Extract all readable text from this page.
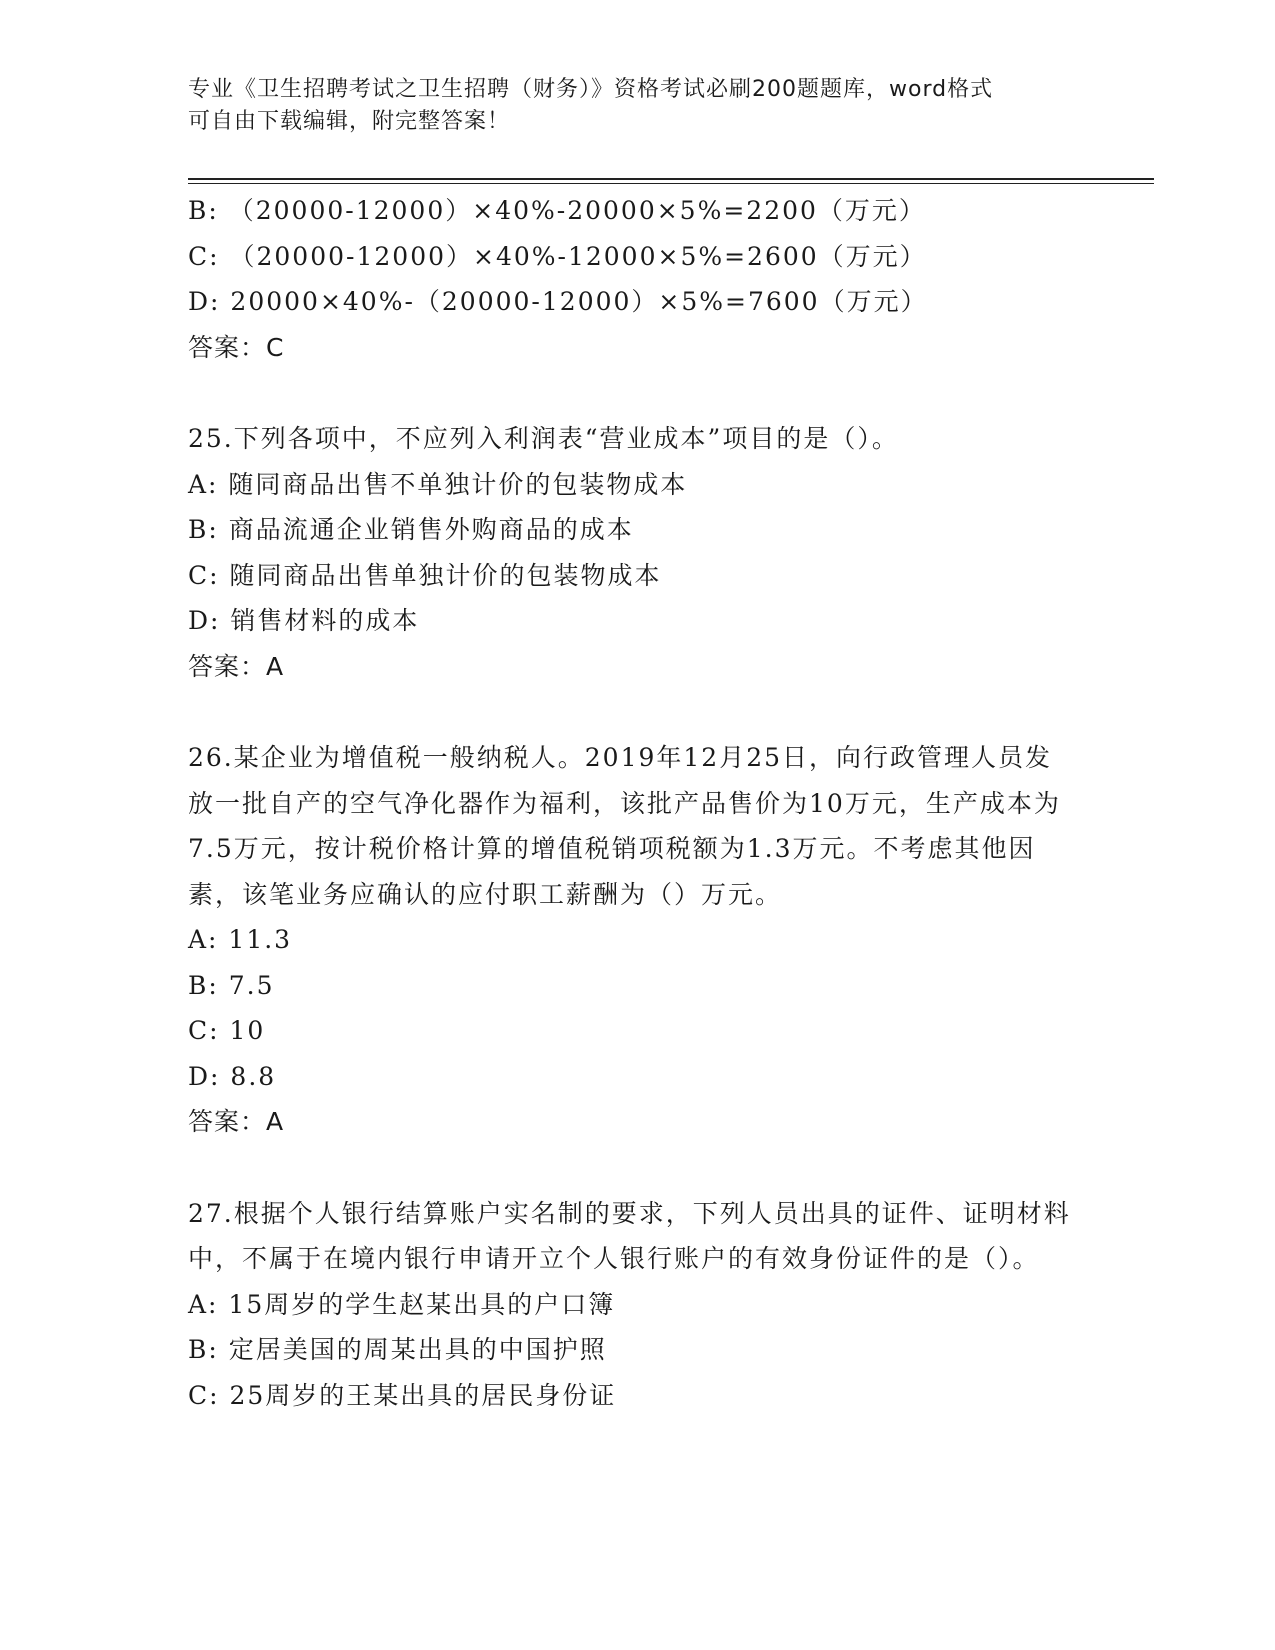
专业《卫生招聘考试之卫生招聘（财务）》资格考试必刷200题题库，word格式
可自由下载编辑，附完整答案！
B: （20000-12000）×40%-20000×5%=2200（万元）
C: （20000-12000）×40%-12000×5%=2600（万元）
D: 20000×40%-（20000-12000）×5%=7600（万元）
答案：C
25.下列各项中，不应列入利润表“营业成本”项目的是（）。
A: 随同商品出售不单独计价的包装物成本
B: 商品流通企业销售外购商品的成本
C: 随同商品出售单独计价的包装物成本
D: 销售材料的成本
答案：A
26.某企业为增值税一般纳税人。2019年12月25日，向行政管理人员发放一批自产的空气净化器作为福利，该批产品售价为10万元，生产成本为7.5万元，按计税价格计算的增值税销项税额为1.3万元。不考虑其他因素，该笔业务应确认的应付职工薪酬为（）万元。
A: 11.3
B: 7.5
C: 10
D: 8.8
答案：A
27.根据个人银行结算账户实名制的要求，下列人员出具的证件、证明材料中，不属于在境内银行申请开立个人银行账户的有效身份证件的是（）。
A: 15周岁的学生赵某出具的户口簿
B: 定居美国的周某出具的中国护照
C: 25周岁的王某出具的居民身份证
